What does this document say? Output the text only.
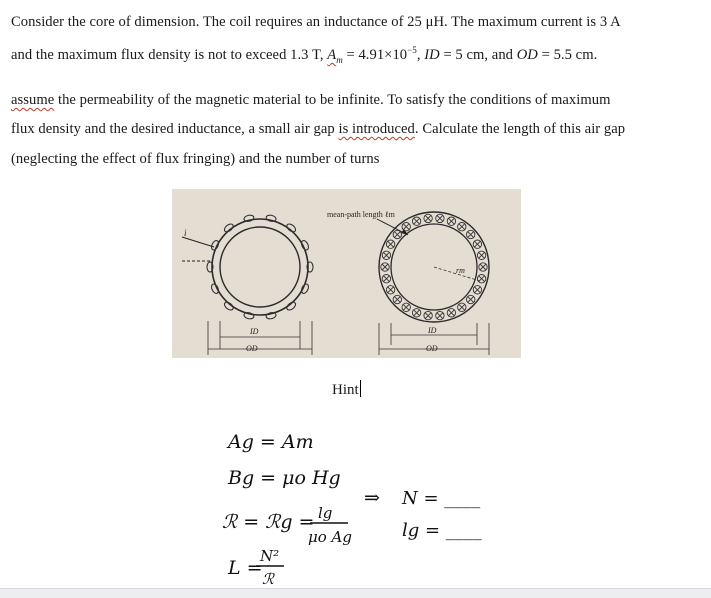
Consider the core of dimension. The coil requires an inductance of 25 μH. The maximum current is 3 A
and the maximum flux density is not to exceed 1.3 T, $A_m = 4.91\times 10^{-5}$, ID = 5 cm, and OD = 5.5 cm.
assume the permeability of the magnetic material to be infinite. To satisfy the conditions of maximum
flux density and the desired inductance, a small air gap is introduced. Calculate the length of this air gap
(neglecting the effect of flux fringing) and the number of turns
i
ID
OD
rm
mean-path length ℓm
ID
OD
Hint
Ag = Am
Bg = μo Hg
ℛ = ℛg = lg
μo Ag
L =
N²
ℛ
⇒ N = ____
lg = ____
